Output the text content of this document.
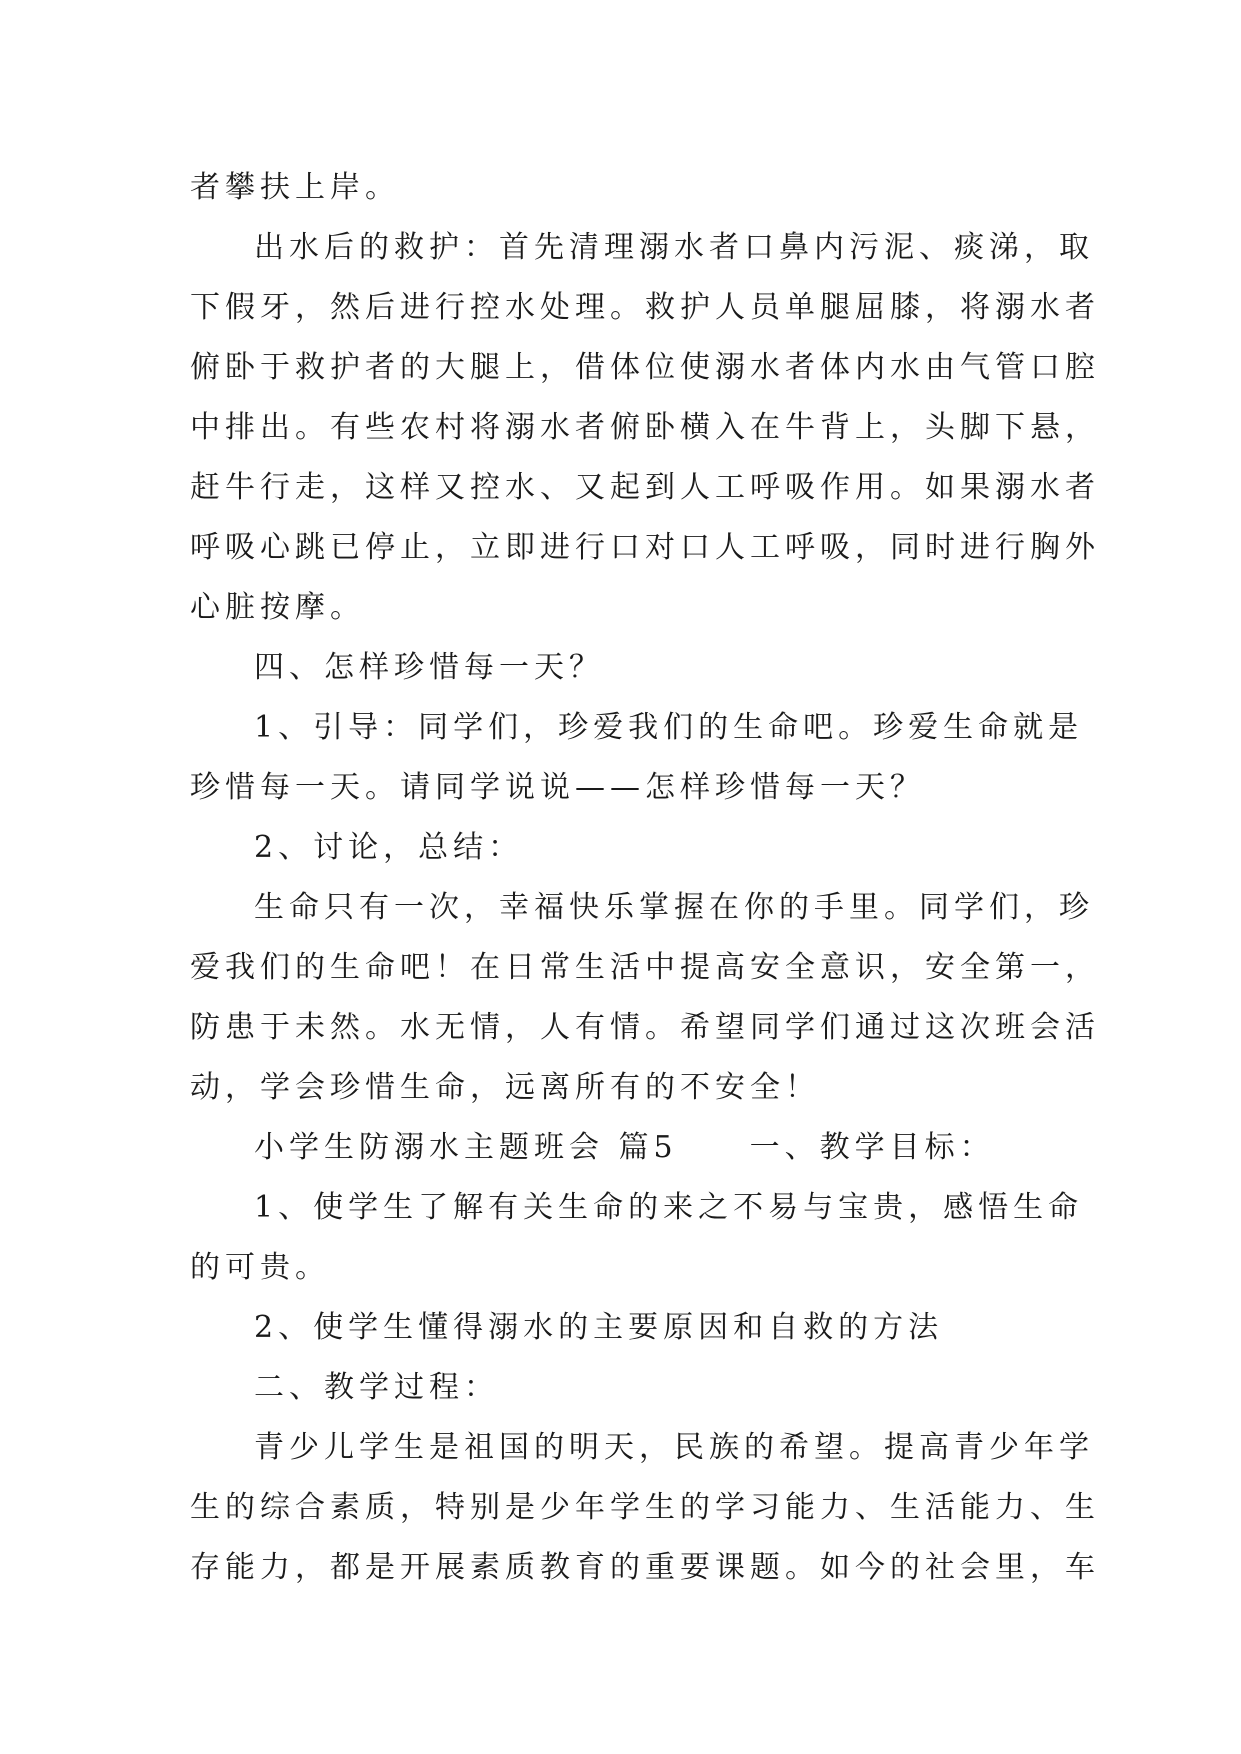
者攀扶上岸。
出水后的救护：首先清理溺水者口鼻内污泥、痰涕，取
下假牙，然后进行控水处理。救护人员单腿屈膝，将溺水者
俯卧于救护者的大腿上，借体位使溺水者体内水由气管口腔
中排出。有些农村将溺水者俯卧横入在牛背上，头脚下悬，
赶牛行走，这样又控水、又起到人工呼吸作用。如果溺水者
呼吸心跳已停止，立即进行口对口人工呼吸，同时进行胸外
心脏按摩。
四、怎样珍惜每一天？
1、引导：同学们，珍爱我们的生命吧。珍爱生命就是
珍惜每一天。请同学说说——怎样珍惜每一天？
2、讨论，总结：
生命只有一次，幸福快乐掌握在你的手里。同学们，珍
爱我们的生命吧！在日常生活中提高安全意识，安全第一，
防患于未然。水无情，人有情。希望同学们通过这次班会活
动，学会珍惜生命，远离所有的不安全！
小学生防溺水主题班会 篇5 一、教学目标：
1、使学生了解有关生命的来之不易与宝贵，感悟生命
的可贵。
2、使学生懂得溺水的主要原因和自救的方法
二、教学过程：
青少儿学生是祖国的明天，民族的希望。提高青少年学
生的综合素质，特别是少年学生的学习能力、生活能力、生
存能力，都是开展素质教育的重要课题。如今的社会里，车
